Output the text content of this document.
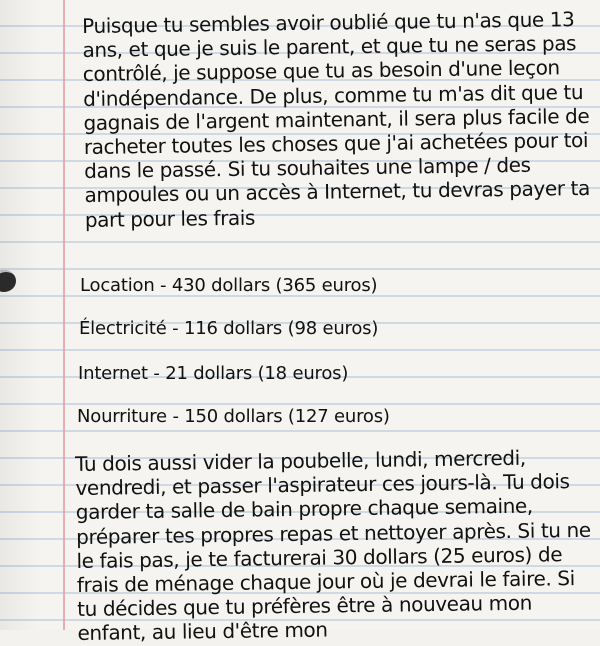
Puisque tu sembles avoir oublié que tu n'as que 13 ans, et que je suis le parent, et que tu ne seras pas contrôlé, je suppose que tu as besoin d'une leçon d'indépendance. De plus, comme tu m'as dit que tu gagnais de l'argent maintenant, il sera plus facile de racheter toutes les choses que j'ai achetées pour toi dans le passé. Si tu souhaites une lampe / des ampoules ou un accès à Internet, tu devras payer ta part pour les frais
Location - 430 dollars (365 euros)
Électricité - 116 dollars (98 euros)
Internet - 21 dollars (18 euros)
Nourriture - 150 dollars (127 euros)
Tu dois aussi vider la poubelle, lundi, mercredi, vendredi, et passer l'aspirateur ces jours-là. Tu dois garder ta salle de bain propre chaque semaine, préparer tes propres repas et nettoyer après. Si tu ne le fais pas, je te facturerai 30 dollars (25 euros) de frais de ménage chaque jour où je devrai le faire. Si tu décides que tu préfères être à nouveau mon enfant, au lieu d'être mon
